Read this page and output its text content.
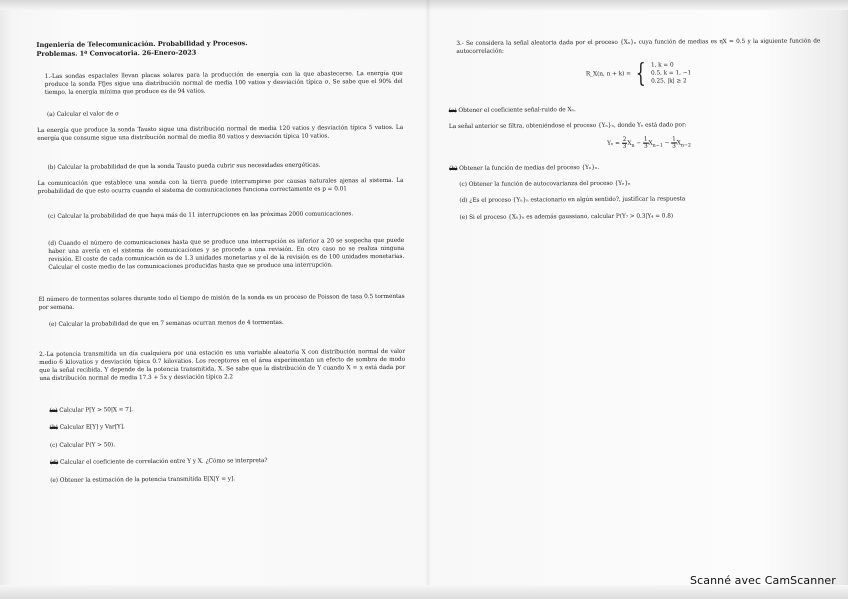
Ingeniería de Telecomunicación. Probabilidad y Procesos.

Problemas. 1ª Convocatoria. 26-Enero-2023

1.-Las sondas espaciales llevan placas solares para la producción de energía con la que abastecerse. La energía que produce la sonda Ffjes sigue una distribución normal de media 100 vatios y desviación típica σ. Se sabe que el 90% del tiempo, la energía mínima que produce es de 94 vatios.

(a) Calcular el valor de σ

La energía que produce la sonda Tausto sigue una distribución normal de media 120 vatios y desviación típica 5 vatios. La energía que consume sigue una distribución normal de media 80 vatios y desviación típica 10 vatios.

(b) Calcular la probabilidad de que la sonda Tausto pueda cubrir sus necesidades energéticas.

La comunicación que establece una sonda con la tierra puede interrumpirse por causas naturales ajenas al sistema. La probabilidad de que esto ocurra cuando el sistema de comunicaciones funciona correctamente es p = 0.01

(c) Calcular la probabilidad de que haya más de 11 interrupciones en las próximas 2000 comunicaciones.

(d) Cuando el número de comunicaciones hasta que se produce una interrupción es inferior a 20 se sospecha que puede haber una avería en el sistema de comunicaciones y se procede a una revisión. En otro caso no se realiza ninguna revisión. El coste de cada comunicación es de 1.3 unidades monetarias y el de la revisión es de 100 unidades monetarias. Calcular el coste medio de las comunicaciones producidas hasta que se produce una interrupción.

El número de tormentas solares durante todo el tiempo de misión de la sonda es un proceso de Poisson de tasa 0.5 tormentas por semana.

(e) Calcular la probabilidad de que en 7 semanas ocurran menos de 4 tormentas.

2.-La potencia transmitida un día cualquiera por una estación es una variable aleatoria X con distribución normal de valor medio 6 kilovatios y desviación típica 0.7 kilovatios. Los receptores en el área experimentan un efecto de sombra de modo que la señal recibida, Y depende de la potencia transmitida, X. Se sabe que la distribución de Y cuando X = x está dada por una distribución normal de media 17.3 + 5x y desviación típica 2.2

(a) Calcular P[Y > 50|X = 7].

(b) Calcular E[Y] y Var[Y].

(c) Calcular P(Y > 50).

(d) Calcular el coeficiente de correlación entre Y y X. ¿Cómo se interpreta?

(e) Obtener la estimación de la potencia transmitida E[X|Y = y].

3.- Se considera la señal aleatoria dada por el proceso {Xₙ}ₙ cuya función de medias es ηX = 0.5 y la siguiente función de autocorrelación:

R_X(n, n + k) = { 1, k = 0
0.5, k = 1, −1
0.25, |k| ≥ 2

(a) Obtener el coeficiente señal-ruido de Xₙ.

La señal anterior se filtra, obteniéndose el proceso {Yₙ}ₙ, donde Yₙ está dado por:

$Y_n = \frac{2}{3} X_n - \frac{1}{3} X_{n-1} - \frac{1}{3} X_{n-2}$

(b) Obtener la función de medias del proceso {Yₙ}ₙ.

(c) Obtener la función de autocovarianza del proceso {Yₙ}ₙ

(d) ¿Es el proceso {Yₙ}ₙ estacionario en algún sentido?, justificar la respuesta

(e) Si el proceso {Xₙ}ₙ es además gaussiano, calcular P(Y₇ > 0.3|Y₄ = 0.8)

Scanné avec CamScanner
